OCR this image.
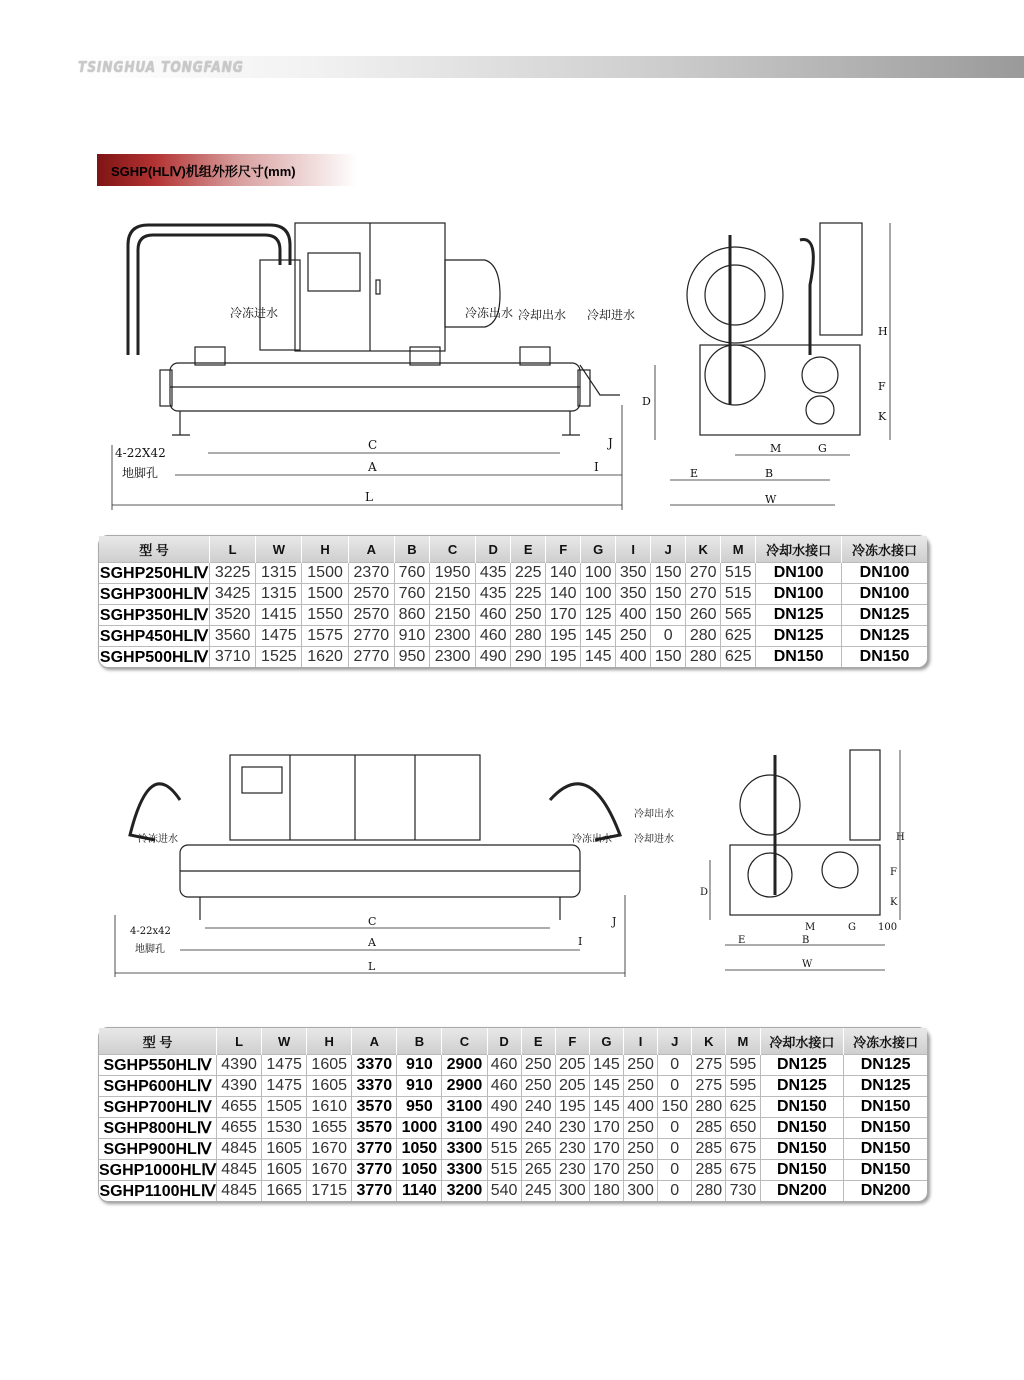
TSINGHUA TONGFANG
SGHP(HLⅣ)机组外形尺寸(mm)
冷冻进水	冷冻出水 冷却出水 冷却进水
4-22X42
地脚孔
C
A
L
I
J
D
H
F
K
E	B
W
M	G
型 号	L	W	H	A	B	C	D	E	F	G	I	J	K	M	冷却水接口	冷冻水接口
SGHP250HLⅣ	3225	1315	1500	2370	760	1950	435	225	140	100	350	150	270	515	DN100	DN100
SGHP300HLⅣ	3425	1315	1500	2570	760	2150	435	225	140	100	350	150	270	515	DN100	DN100
SGHP350HLⅣ	3520	1415	1550	2570	860	2150	460	250	170	125	400	150	260	565	DN125	DN125
SGHP450HLⅣ	3560	1475	1575	2770	910	2300	460	280	195	145	250	0	280	625	DN125	DN125
SGHP500HLⅣ	3710	1525	1620	2770	950	2300	490	290	195	145	400	150	280	625	DN150	DN150
冷冻进水	冷冻出水
冷却出水
冷却进水
4-22x42
地脚孔
C
A
L
I
J
D
H
F
K
M	G 100
E	B
W
型 号	L	W	H	A	B	C	D	E	F	G	I	J	K	M	冷却水接口	冷冻水接口
SGHP550HLⅣ	4390	1475	1605	3370	910	2900	460	250	205	145	250	0	275	595	DN125	DN125
SGHP600HLⅣ	4390	1475	1605	3370	910	2900	460	250	205	145	250	0	275	595	DN125	DN125
SGHP700HLⅣ	4655	1505	1610	3570	950	3100	490	240	195	145	400	150	280	625	DN150	DN150
SGHP800HLⅣ	4655	1530	1655	3570	1000	3100	490	240	230	170	250	0	285	650	DN150	DN150
SGHP900HLⅣ	4845	1605	1670	3770	1050	3300	515	265	230	170	250	0	285	675	DN150	DN150
SGHP1000HLⅣ	4845	1605	1670	3770	1050	3300	515	265	230	170	250	0	285	675	DN150	DN150
SGHP1100HLⅣ	4845	1665	1715	3770	1140	3200	540	245	300	180	300	0	280	730	DN200	DN200
